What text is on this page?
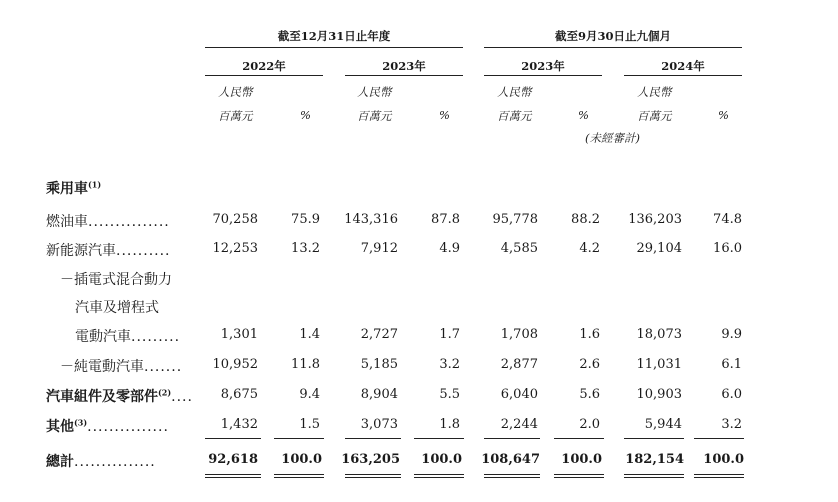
截至12月31日止年度	截至9月30日止九個月
2022年	2023年	2023年	2024年
人民幣
百萬元	%
人民幣
百萬元	%
人民幣
百萬元	%
人民幣
百萬元	%
(未經審計)
乘用車$^{(1)}$
燃油車...............	70,258	75.9	143,316	87.8	95,778	88.2	136,203	74.8
新能源汽車..........	12,253	13.2	7,912	4.9	4,585	4.2	29,104	16.0
－插電式混合動力
汽車及增程式
電動汽車.........	1,301	1.4	2,727	1.7	1,708	1.6	18,073	9.9
－純電動汽車.......	10,952	11.8	5,185	3.2	2,877	2.6	11,031	6.1
汽車組件及零部件$^{(2)}$....	8,675	9.4	8,904	5.5	6,040	5.6	10,903	6.0
其他$^{(3)}$...............	1,432	1.5	3,073	1.8	2,244	2.0	5,944	3.2
總計...............	92,618	100.0 163,205	100.0 108,647	100.0	182,154	100.0
